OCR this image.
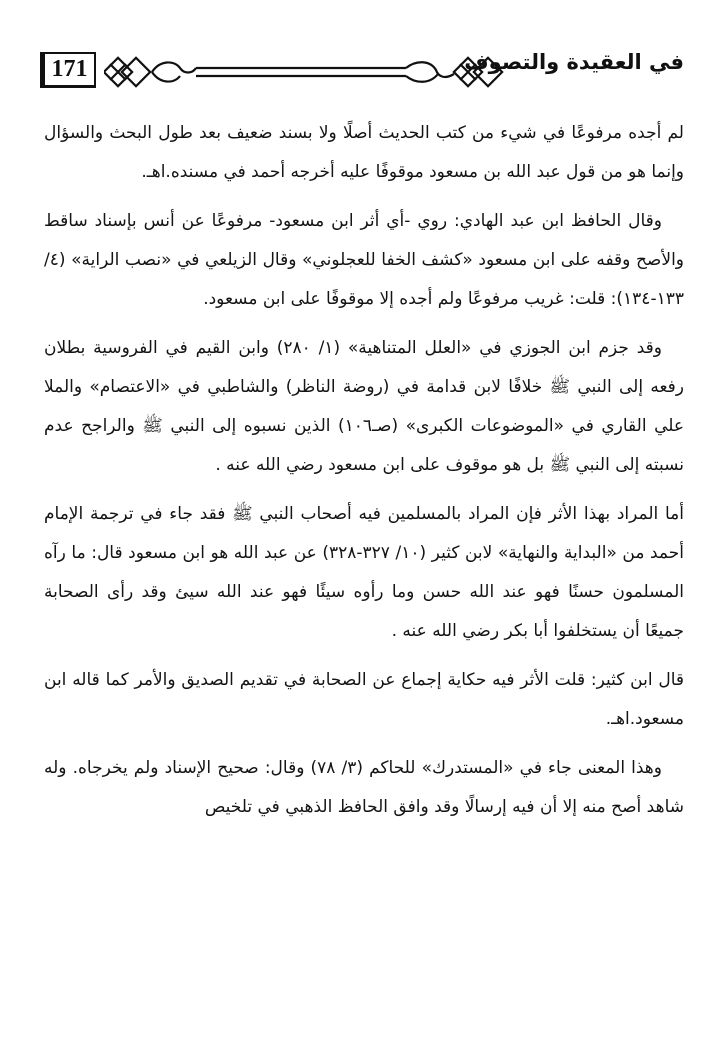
171	في العقيدة والتصوف

لم أجده مرفوعًا في شيء من كتب الحديث أصلًا ولا بسند ضعيف بعد طول البحث والسؤال وإنما هو من قول عبد الله بن مسعود موقوفًا عليه أخرجه أحمد في مسنده.اهـ.

وقال الحافظ ابن عبد الهادي: روي -أي أثر ابن مسعود- مرفوعًا عن أنس بإسناد ساقط والأصح وقفه على ابن مسعود «كشف الخفا للعجلوني» وقال الزيلعي في «نصب الراية» (٤/ ١٣٣-١٣٤): قلت: غريب مرفوعًا ولم أجده إلا موقوفًا على ابن مسعود.

وقد جزم ابن الجوزي في «العلل المتناهية» (١/ ٢٨٠) وابن القيم في الفروسية بطلان رفعه إلى النبي ﷺ خلافًا لابن قدامة في (روضة الناظر) والشاطبي في «الاعتصام» والملا علي القاري في «الموضوعات الكبرى» (صـ١٠٦) الذين نسبوه إلى النبي ﷺ والراجح عدم نسبته إلى النبي ﷺ بل هو موقوف على ابن مسعود رضي الله عنه .

أما المراد بهذا الأثر فإن المراد بالمسلمين فيه أصحاب النبي ﷺ فقد جاء في ترجمة الإمام أحمد من «البداية والنهاية» لابن كثير (١٠/ ٣٢٧-٣٢٨) عن عبد الله هو ابن مسعود قال: ما رآه المسلمون حسنًا فهو عند الله حسن وما رأوه سيئًا فهو عند الله سيئ وقد رأى الصحابة جميعًا أن يستخلفوا أبا بكر رضي الله عنه .

قال ابن كثير: قلت الأثر فيه حكاية إجماع عن الصحابة في تقديم الصديق والأمر كما قاله ابن مسعود.اهـ.

وهذا المعنى جاء في «المستدرك» للحاكم (٣/ ٧٨) وقال: صحيح الإسناد ولم يخرجاه. وله شاهد أصح منه إلا أن فيه إرسالًا وقد وافق الحافظ الذهبي في تلخيص
